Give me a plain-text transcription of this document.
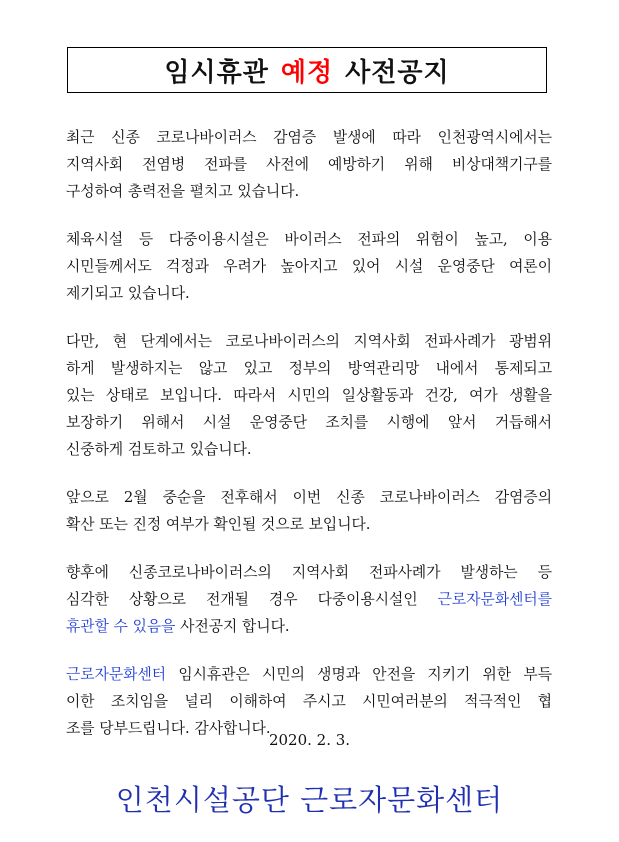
임시휴관 예정 사전공지
최근 신종 코로나바이러스 감염증 발생에 따라 인천광역시에서는
지역사회 전염병 전파를 사전에 예방하기 위해 비상대책기구를
구성하여 총력전을 펼치고 있습니다.
체육시설 등 다중이용시설은 바이러스 전파의 위험이 높고, 이용
시민들께서도 걱정과 우려가 높아지고 있어 시설 운영중단 여론이
제기되고 있습니다.
다만, 현 단계에서는 코로나바이러스의 지역사회 전파사례가 광범위
하게 발생하지는 않고 있고 정부의 방역관리망 내에서 통제되고
있는 상태로 보입니다. 따라서 시민의 일상활동과 건강, 여가 생활을
보장하기 위해서 시설 운영중단 조치를 시행에 앞서 거듭해서
신중하게 검토하고 있습니다.
앞으로 2월 중순을 전후해서 이번 신종 코로나바이러스 감염증의
확산 또는 진정 여부가 확인될 것으로 보입니다.
향후에 신종코로나바이러스의 지역사회 전파사례가 발생하는 등
심각한 상황으로 전개될 경우 다중이용시설인 근로자문화센터를
휴관할 수 있음을 사전공지 합니다.
근로자문화센터 임시휴관은 시민의 생명과 안전을 지키기 위한 부득
이한 조치임을 널리 이해하여 주시고 시민여러분의 적극적인 협
조를 당부드립니다. 감사합니다.
2020. 2. 3.
인천시설공단 근로자문화센터
